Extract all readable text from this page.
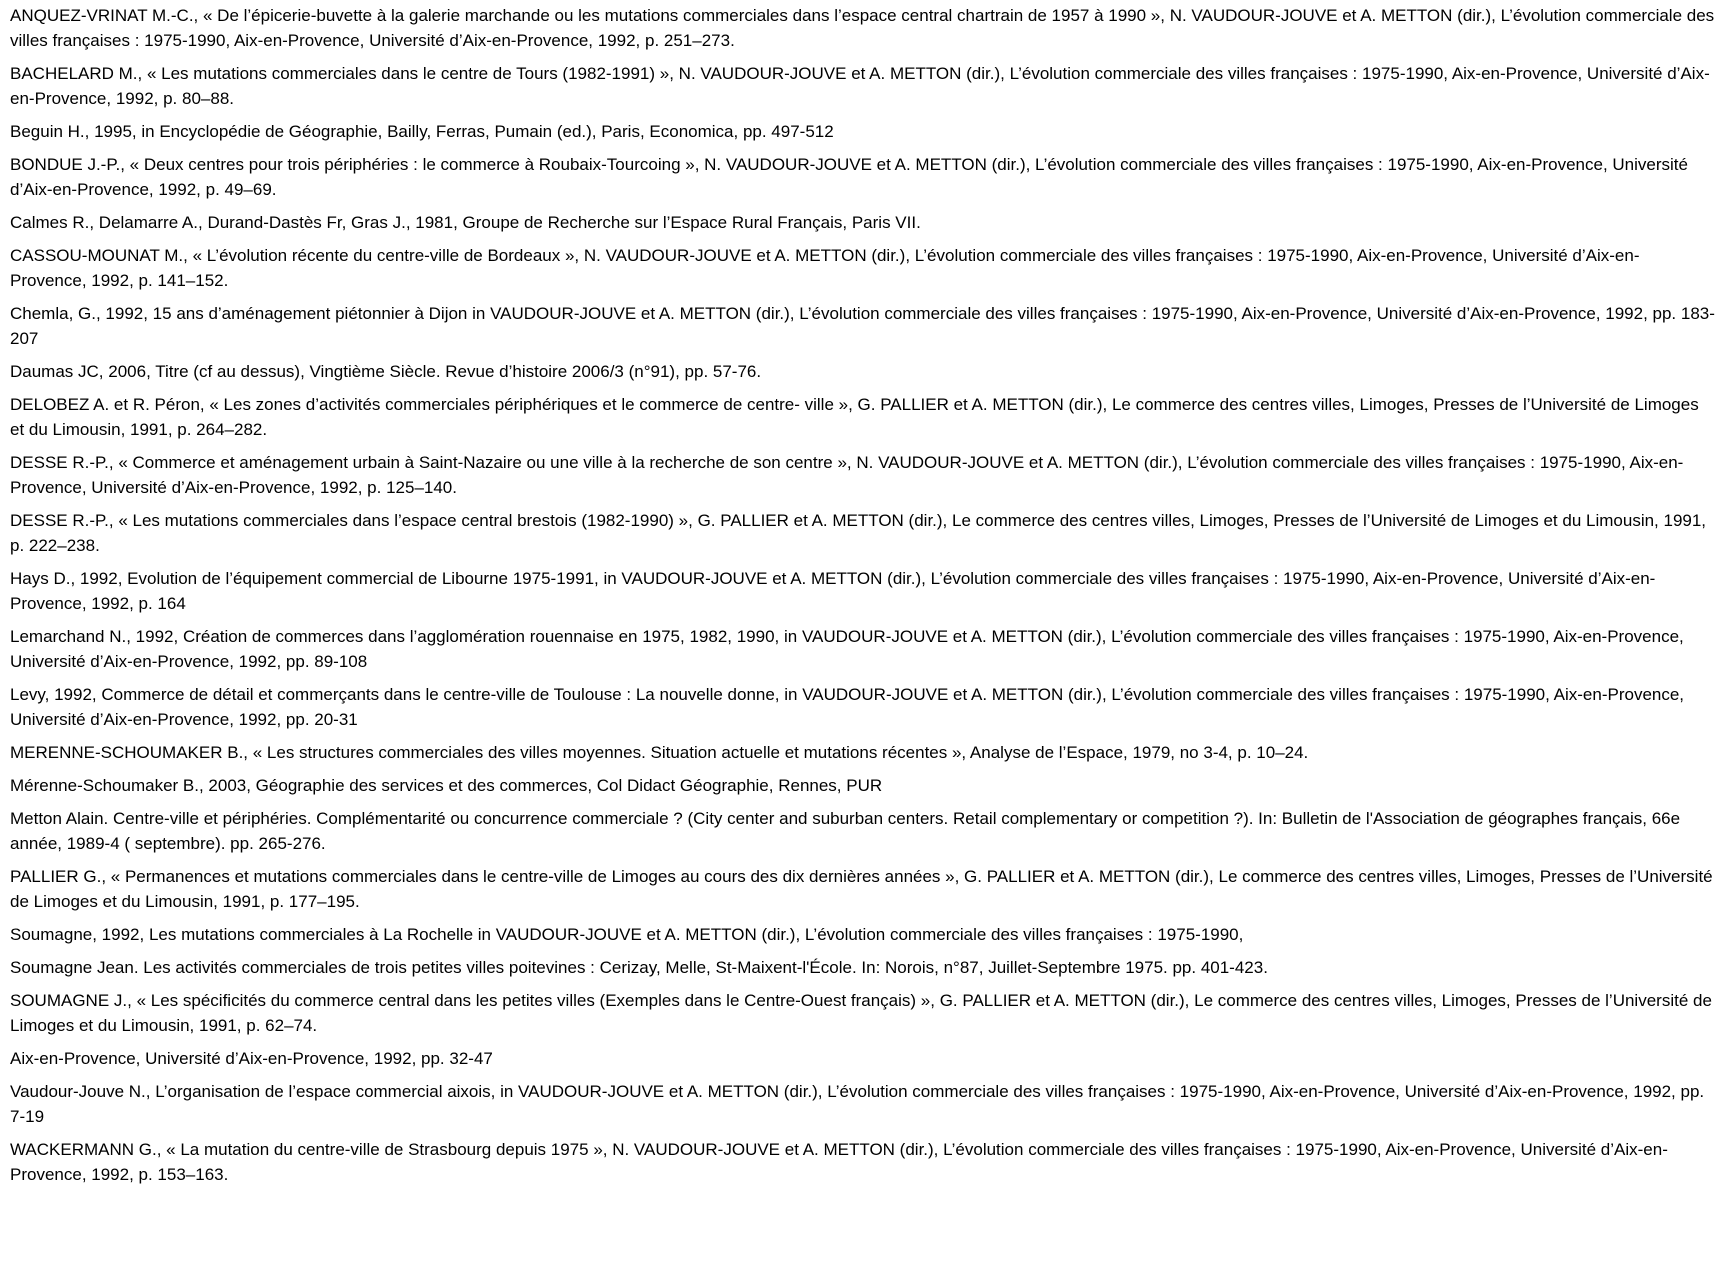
ANQUEZ-VRINAT M.-C., « De l’épicerie-buvette à la galerie marchande ou les mutations commerciales dans l’espace central chartrain de 1957 à 1990 », N. VAUDOUR-JOUVE et A. METTON (dir.), L’évolution commerciale des villes françaises : 1975-1990, Aix-en-Provence, Université d’Aix-en-Provence, 1992, p. 251–273.

BACHELARD M., « Les mutations commerciales dans le centre de Tours (1982-1991) », N. VAUDOUR-JOUVE et A. METTON (dir.), L’évolution commerciale des villes françaises : 1975-1990, Aix-en-Provence, Université d’Aix-en-Provence, 1992, p. 80–88.

Beguin H., 1995, in Encyclopédie de Géographie, Bailly, Ferras, Pumain (ed.), Paris, Economica, pp. 497-512

BONDUE J.-P., « Deux centres pour trois périphéries : le commerce à Roubaix-Tourcoing », N. VAUDOUR-JOUVE et A. METTON (dir.), L’évolution commerciale des villes françaises : 1975-1990, Aix-en-Provence, Université d’Aix-en-Provence, 1992, p. 49–69.

Calmes R., Delamarre A., Durand-Dastès Fr, Gras J., 1981, Groupe de Recherche sur l’Espace Rural Français, Paris VII.

CASSOU-MOUNAT M., « L’évolution récente du centre-ville de Bordeaux », N. VAUDOUR-JOUVE et A. METTON (dir.), L’évolution commerciale des villes françaises : 1975-1990, Aix-en-Provence, Université d’Aix-en-Provence, 1992, p. 141–152.

Chemla, G., 1992, 15 ans d’aménagement piétonnier à Dijon in VAUDOUR-JOUVE et A. METTON (dir.), L’évolution commerciale des villes françaises : 1975-1990, Aix-en-Provence, Université d’Aix-en-Provence, 1992, pp. 183-207

Daumas JC, 2006, Titre (cf au dessus), Vingtième Siècle. Revue d’histoire 2006/3 (n°91), pp. 57-76.

DELOBEZ A. et R. Péron, « Les zones d’activités commerciales périphériques et le commerce de centre- ville », G. PALLIER et A. METTON (dir.), Le commerce des centres villes, Limoges, Presses de l’Université de Limoges et du Limousin, 1991, p. 264–282.

DESSE R.-P., « Commerce et aménagement urbain à Saint-Nazaire ou une ville à la recherche de son centre », N. VAUDOUR-JOUVE et A. METTON (dir.), L’évolution commerciale des villes françaises : 1975-1990, Aix-en-Provence, Université d’Aix-en-Provence, 1992, p. 125–140.

DESSE R.-P., « Les mutations commerciales dans l’espace central brestois (1982-1990) », G. PALLIER et A. METTON (dir.), Le commerce des centres villes, Limoges, Presses de l’Université de Limoges et du Limousin, 1991, p. 222–238.

Hays D., 1992, Evolution de l’équipement commercial de Libourne 1975-1991, in VAUDOUR-JOUVE et A. METTON (dir.), L’évolution commerciale des villes françaises : 1975-1990, Aix-en-Provence, Université d’Aix-en-Provence, 1992, p. 164

Lemarchand N., 1992, Création de commerces dans l’agglomération rouennaise en 1975, 1982, 1990, in VAUDOUR-JOUVE et A. METTON (dir.), L’évolution commerciale des villes françaises : 1975-1990, Aix-en-Provence, Université d’Aix-en-Provence, 1992, pp. 89-108

Levy, 1992, Commerce de détail et commerçants dans le centre-ville de Toulouse : La nouvelle donne, in VAUDOUR-JOUVE et A. METTON (dir.), L’évolution commerciale des villes françaises : 1975-1990, Aix-en-Provence, Université d’Aix-en-Provence, 1992, pp. 20-31

MERENNE-SCHOUMAKER B., « Les structures commerciales des villes moyennes. Situation actuelle et mutations récentes », Analyse de l’Espace, 1979, no 3-4, p. 10–24.

Mérenne-Schoumaker B., 2003, Géographie des services et des commerces, Col Didact Géographie, Rennes, PUR

Metton Alain. Centre-ville et périphéries. Complémentarité ou concurrence commerciale ? (City center and suburban centers. Retail complementary or competition ?). In: Bulletin de l'Association de géographes français, 66e année, 1989-4 ( septembre). pp. 265-276.

PALLIER G., « Permanences et mutations commerciales dans le centre-ville de Limoges au cours des dix dernières années », G. PALLIER et A. METTON (dir.), Le commerce des centres villes, Limoges, Presses de l’Université de Limoges et du Limousin, 1991, p. 177–195.

Soumagne, 1992, Les mutations commerciales à La Rochelle in VAUDOUR-JOUVE et A. METTON (dir.), L’évolution commerciale des villes françaises : 1975-1990,

Soumagne Jean. Les activités commerciales de trois petites villes poitevines : Cerizay, Melle, St-Maixent-l'École. In: Norois, n°87, Juillet-Septembre 1975. pp. 401-423.

SOUMAGNE J., « Les spécificités du commerce central dans les petites villes (Exemples dans le Centre-Ouest français) », G. PALLIER et A. METTON (dir.), Le commerce des centres villes, Limoges, Presses de l’Université de Limoges et du Limousin, 1991, p. 62–74.

Aix-en-Provence, Université d’Aix-en-Provence, 1992, pp. 32-47

Vaudour-Jouve N., L’organisation de l’espace commercial aixois, in VAUDOUR-JOUVE et A. METTON (dir.), L’évolution commerciale des villes françaises : 1975-1990, Aix-en-Provence, Université d’Aix-en-Provence, 1992, pp. 7-19

WACKERMANN G., « La mutation du centre-ville de Strasbourg depuis 1975 », N. VAUDOUR-JOUVE et A. METTON (dir.), L’évolution commerciale des villes françaises : 1975-1990, Aix-en-Provence, Université d’Aix-en-Provence, 1992, p. 153–163.
